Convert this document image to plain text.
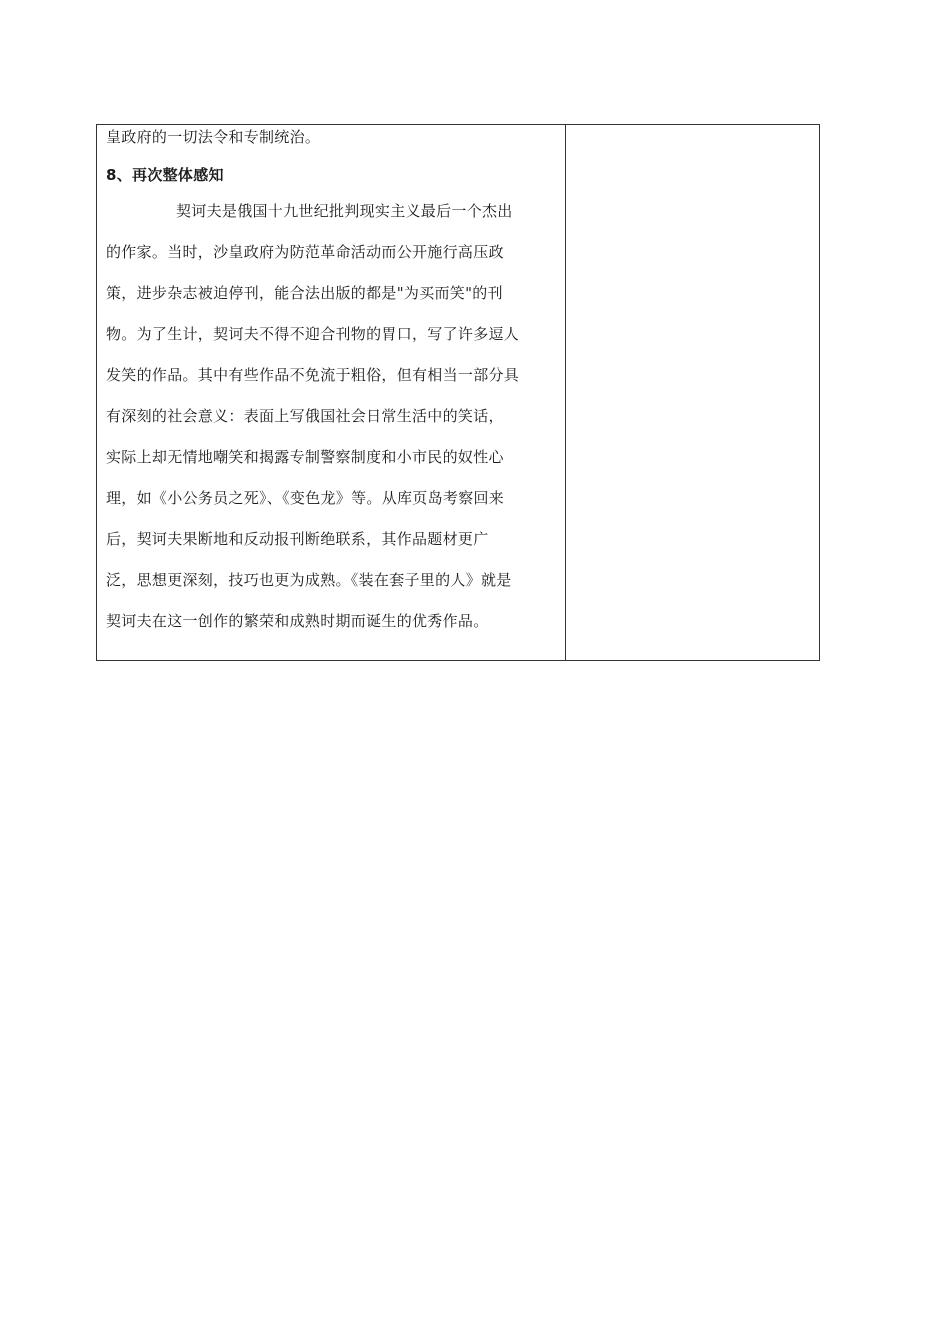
皇政府的一切法令和专制统治。
8、再次整体感知
契诃夫是俄国十九世纪批判现实主义最后一个杰出
的作家。当时，沙皇政府为防范革命活动而公开施行高压政
策，进步杂志被迫停刊，能合法出版的都是"为买而笑"的刊
物。为了生计，契诃夫不得不迎合刊物的胃口，写了许多逗人
发笑的作品。其中有些作品不免流于粗俗，但有相当一部分具
有深刻的社会意义：表面上写俄国社会日常生活中的笑话，
实际上却无情地嘲笑和揭露专制警察制度和小市民的奴性心
理，如《小公务员之死》、《变色龙》等。从库页岛考察回来
后，契诃夫果断地和反动报刊断绝联系，其作品题材更广
泛，思想更深刻，技巧也更为成熟。《装在套子里的人》就是
契诃夫在这一创作的繁荣和成熟时期而诞生的优秀作品。
